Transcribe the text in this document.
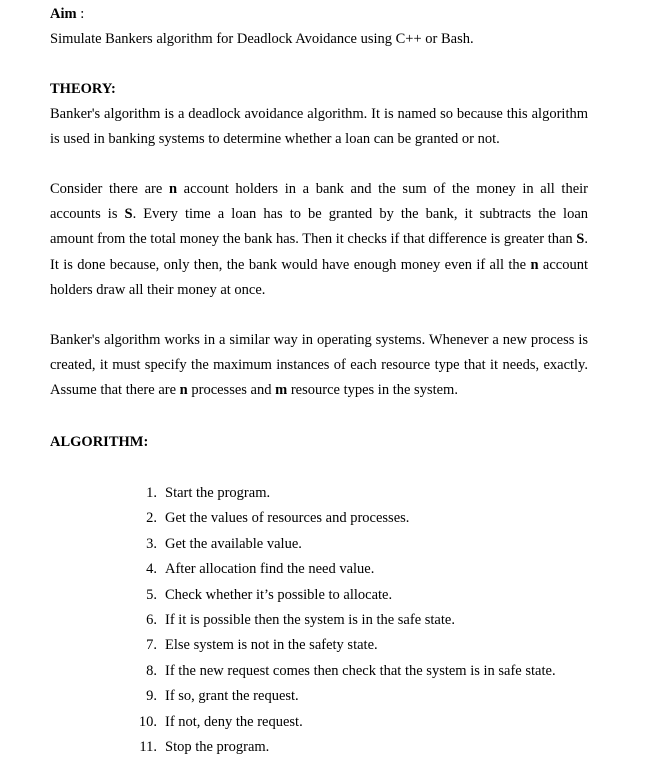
Aim :
Simulate Bankers algorithm for Deadlock Avoidance using C++ or Bash.
THEORY:
Banker's algorithm is a deadlock avoidance algorithm. It is named so because this algorithm
is used in banking systems to determine whether a loan can be granted or not.
Consider there are n account holders in a bank and the sum of the money in all their
accounts is S. Every time a loan has to be granted by the bank, it subtracts the loan
amount from the total money the bank has. Then it checks if that difference is greater than S.
It is done because, only then, the bank would have enough money even if all the n account
holders draw all their money at once.
Banker's algorithm works in a similar way in operating systems. Whenever a new process is
created, it must specify the maximum instances of each resource type that it needs, exactly.
Assume that there are n processes and m resource types in the system.
ALGORITHM:
1. Start the program.
2. Get the values of resources and processes.
3. Get the available value.
4. After allocation find the need value.
5. Check whether it’s possible to allocate.
6. If it is possible then the system is in the safe state.
7. Else system is not in the safety state.
8. If the new request comes then check that the system is in safe state.
9. If so, grant the request.
10. If not, deny the request.
11. Stop the program.
